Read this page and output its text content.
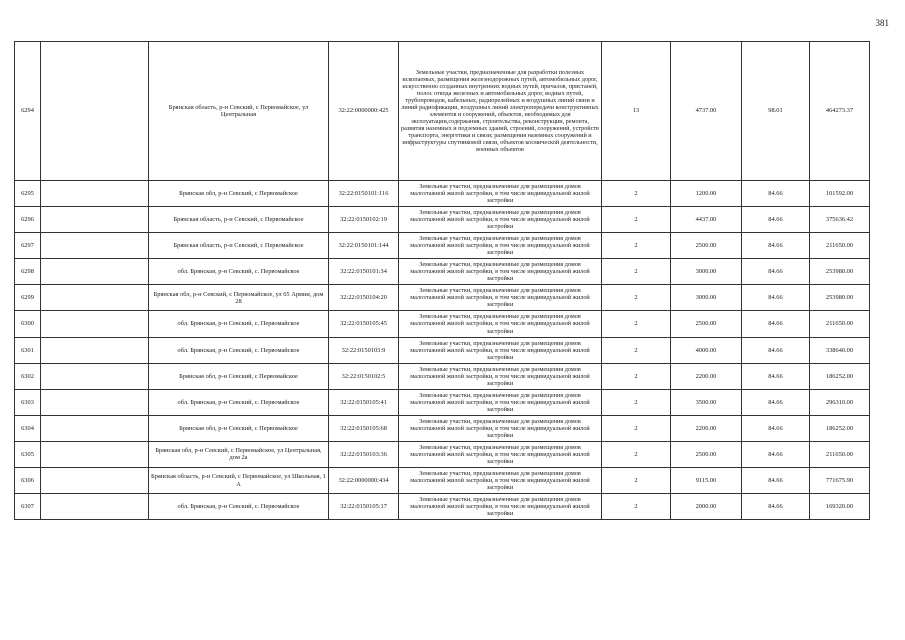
381
6294		Брянская область, р-н Севский, с Первомайское, ул Центральная	32:22:0000000:425	Земельные участки, предназначенные для разработки полезных ископаемых, размещения железнодорожных путей, автомобильных дорог, искусственно созданных внутренних водных путей, причалов, пристаней, полос отвода железных и автомобильных дорог, водных путей, трубопроводов, кабельных, радиорелейных и воздушных линий связи и линий радиофикации, воздушных линий электропередачи конструктивных элементов и сооружений, объектов, необходимых для эксплуатации,содержания, строительства, реконструкции, ремонта, развития наземных и подземных зданий, строений, сооружений, устройств транспорта, энергетики и связи; размещения наземных сооружений и инфраструктуры спутниковой связи, объектов космической деятельности, военных объектов	13	4737.00	98.01	464273.37
6295		Брянская обл, р-н Севский, с Первомайское	32:22:0150101:116	Земельные участки, предназначенные для размещения домов малоэтажной жилой застройки, в том числе индивидуальной жилой застройки	2	1200.00	84.66	101592.00
6296		Брянская область, р-н Севский, с Первомайское	32:22:0150102:19	Земельные участки, предназначенные для размещения домов малоэтажной жилой застройки, в том числе индивидуальной жилой застройки	2	4437.00	84.66	375636.42
6297		Брянская область, р-н Севский, с Первомайское	32:22:0150101:144	Земельные участки, предназначенные для размещения домов малоэтажной жилой застройки, в том числе индивидуальной жилой застройки	2	2500.00	84.66	211650.00
6298		обл. Брянская, р-н Севский, с. Первомайское	32:22:0150101:34	Земельные участки, предназначенные для размещения домов малоэтажной жилой застройки, в том числе индивидуальной жилой застройки	2	3000.00	84.66	253980.00
6299		Брянская обл, р-н Севский, с Первомайское, ул 65 Армии, дом 28	32:22:0150104:20	Земельные участки, предназначенные для размещения домов малоэтажной жилой застройки, в том числе индивидуальной жилой застройки	2	3000.00	84.66	253980.00
6300		обл. Брянская, р-н Севский, с. Первомайское	32:22:0150105:45	Земельные участки, предназначенные для размещения домов малоэтажной жилой застройки, в том числе индивидуальной жилой застройки	2	2500.00	84.66	211650.00
6301		обл. Брянская, р-н Севский, с. Первомайское	32:22:0150103:9	Земельные участки, предназначенные для размещения домов малоэтажной жилой застройки, в том числе индивидуальной жилой застройки	2	4000.00	84.66	338640.00
6302		Брянская обл, р-н Севский, с Первомайское	32:22:0150102:5	Земельные участки, предназначенные для размещения домов малоэтажной жилой застройки, в том числе индивидуальной жилой застройки	2	2200.00	84.66	186252.00
6303		обл. Брянская, р-н Севский, с. Первомайское	32:22:0150105:41	Земельные участки, предназначенные для размещения домов малоэтажной жилой застройки, в том числе индивидуальной жилой застройки	2	3500.00	84.66	296310.00
6304		Брянская обл, р-н Севский, с Первомайское	32:22:0150105:68	Земельные участки, предназначенные для размещения домов малоэтажной жилой застройки, в том числе индивидуальной жилой застройки	2	2200.00	84.66	186252.00
6305		Брянская обл, р-н Севский, с Первомайское, ул Центральная, дом 2а	32:22:0150103:36	Земельные участки, предназначенные для размещения домов малоэтажной жилой застройки, в том числе индивидуальной жилой застройки	2	2500.00	84.66	211650.00
6306		Брянская область, р-н Севский, с Первомайское, ул Школьная, 1 А	32:22:0000000:434	Земельные участки, предназначенные для размещения домов малоэтажной жилой застройки, в том числе индивидуальной жилой застройки	2	9115.00	84.66	771675.90
6307		обл. Брянская, р-н Севский, с. Первомайское	32:22:0150105:17	Земельные участки, предназначенные для размещения домов малоэтажной жилой застройки, в том числе индивидуальной жилой застройки	2	2000.00	84.66	169320.00
